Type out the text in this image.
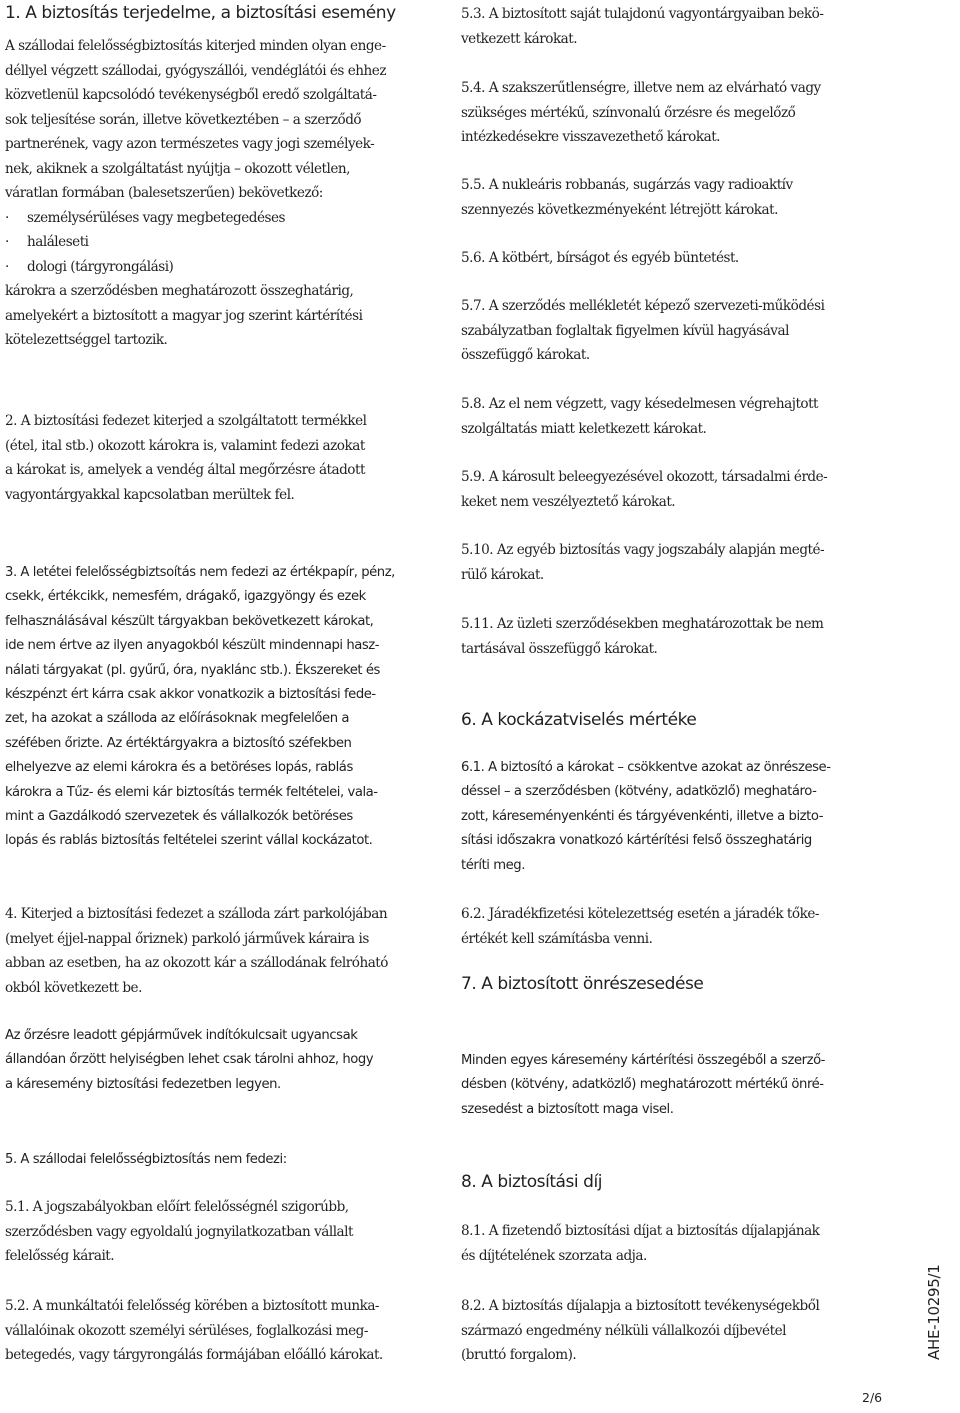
1. A biztosítás terjedelme, a biztosítási esemény
A szállodai felelősségbiztosítás kiterjed minden olyan enge-
déllyel végzett szállodai, gyógyszállói, vendéglátói és ehhez
közvetlenül kapcsolódó tevékenységből eredő szolgáltatá-
sok teljesítése során, illetve következtében – a szerződő
partnerének, vagy azon természetes vagy jogi személyek-
nek, akiknek a szolgáltatást nyújtja – okozott véletlen,
váratlan formában (balesetszerűen) bekövetkező:
· személysérüléses vagy megbetegedéses
· haláleseti
· dologi (tárgyrongálási)
károkra a szerződésben meghatározott összeghatárig,
amelyekért a biztosított a magyar jog szerint kártérítési
kötelezettséggel tartozik.
2. A biztosítási fedezet kiterjed a szolgáltatott termékkel
(étel, ital stb.) okozott károkra is, valamint fedezi azokat
a károkat is, amelyek a vendég által megőrzésre átadott
vagyontárgyakkal kapcsolatban merültek fel.
3. A letétei felelősségbiztsoítás nem fedezi az értékpapír, pénz,
csekk, értékcikk, nemesfém, drágakő, igazgyöngy és ezek
felhasználásával készült tárgyakban bekövetkezett károkat,
ide nem értve az ilyen anyagokból készült mindennapi hasz-
nálati tárgyakat (pl. gyűrű, óra, nyaklánc stb.). Ékszereket és
készpénzt ért kárra csak akkor vonatkozik a biztosítási fede-
zet, ha azokat a szálloda az előírásoknak megfelelően a
széfében őrizte. Az értéktárgyakra a biztosító széfekben
elhelyezve az elemi károkra és a betöréses lopás, rablás
károkra a Tűz- és elemi kár biztosítás termék feltételei, vala-
mint a Gazdálkodó szervezetek és vállalkozók betöréses
lopás és rablás biztosítás feltételei szerint vállal kockázatot.
4. Kiterjed a biztosítási fedezet a szálloda zárt parkolójában
(melyet éjjel-nappal őriznek) parkoló járművek káraira is
abban az esetben, ha az okozott kár a szállodának felróható
okból következett be.
Az őrzésre leadott gépjárművek indítókulcsait ugyancsak
állandóan őrzött helyiségben lehet csak tárolni ahhoz, hogy
a káresemény biztosítási fedezetben legyen.
5. A szállodai felelősségbiztosítás nem fedezi:
5.1. A jogszabályokban előírt felelősségnél szigorúbb,
szerződésben vagy egyoldalú jognyilatkozatban vállalt
felelősség kárait.
5.2. A munkáltatói felelősség körében a biztosított munka-
vállalóinak okozott személyi sérüléses, foglalkozási meg-
betegedés, vagy tárgyrongálás formájában előálló károkat.
5.3. A biztosított saját tulajdonú vagyontárgyaiban bekö-
vetkezett károkat.
5.4. A szakszerűtlenségre, illetve nem az elvárható vagy
szükséges mértékű, színvonalú őrzésre és megelőző
intézkedésekre visszavezethető károkat.
5.5. A nukleáris robbanás, sugárzás vagy radioaktív
szennyezés következményeként létrejött károkat.
5.6. A kötbért, bírságot és egyéb büntetést.
5.7. A szerződés mellékletét képező szervezeti-működési
szabályzatban foglaltak figyelmen kívül hagyásával
összefüggő károkat.
5.8. Az el nem végzett, vagy késedelmesen végrehajtott
szolgáltatás miatt keletkezett károkat.
5.9. A károsult beleegyezésével okozott, társadalmi érde-
keket nem veszélyeztető károkat.
5.10. Az egyéb biztosítás vagy jogszabály alapján megté-
rülő károkat.
5.11. Az üzleti szerződésekben meghatározottak be nem
tartásával összefüggő károkat.
6. A kockázatviselés mértéke
6.1. A biztosító a károkat – csökkentve azokat az önrészese-
déssel – a szerződésben (kötvény, adatközlő) meghatáro-
zott, káreseményenkénti és tárgyévenkénti, illetve a bizto-
sítási időszakra vonatkozó kártérítési felső összeghatárig
téríti meg.
6.2. Járadékfizetési kötelezettség esetén a járadék tőke-
értékét kell számításba venni.
7. A biztosított önrészesedése
Minden egyes káresemény kártérítési összegéből a szerző-
désben (kötvény, adatközlő) meghatározott mértékű önré-
szesedést a biztosított maga visel.
8. A biztosítási díj
8.1. A fizetendő biztosítási díjat a biztosítás díjalapjának
és díjtételének szorzata adja.
8.2. A biztosítás díjalapja a biztosított tevékenységekből
származó engedmény nélküli vállalkozói díjbevétel
(bruttó forgalom).	AHE-10295/1
2/6
